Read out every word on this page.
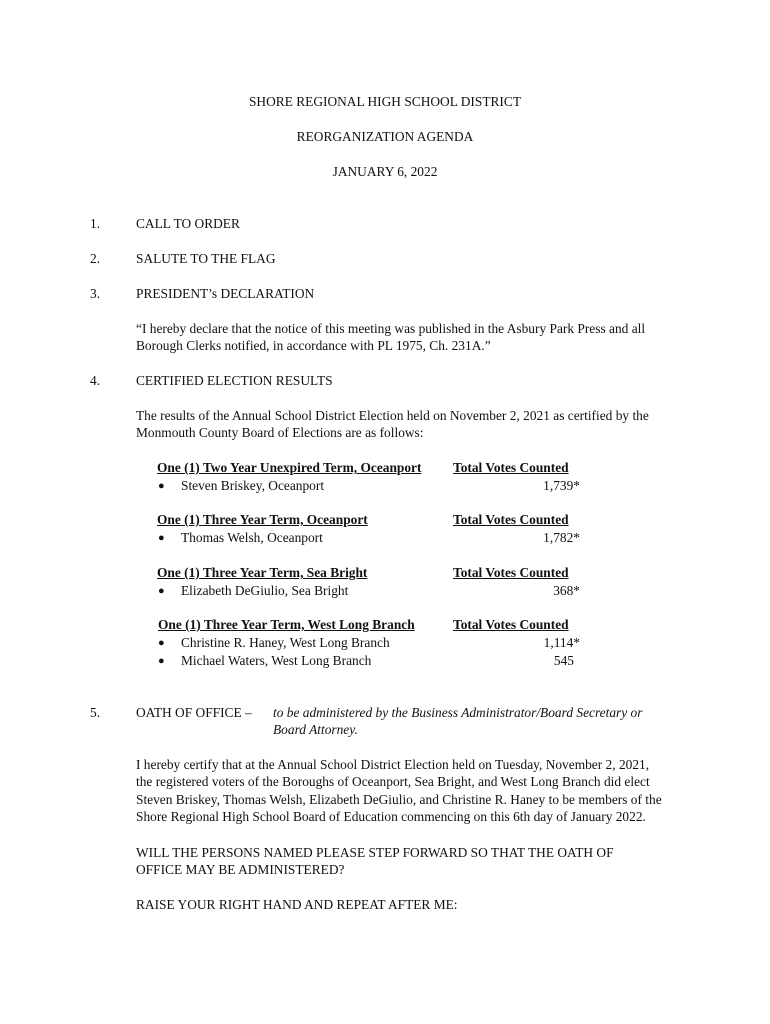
SHORE REGIONAL HIGH SCHOOL DISTRICT
REORGANIZATION AGENDA
JANUARY 6, 2022
1.	CALL TO ORDER
2.	SALUTE TO THE FLAG
3.	PRESIDENT’s DECLARATION
“I hereby declare that the notice of this meeting was published in the Asbury Park Press and all
Borough Clerks notified, in accordance with PL 1975, Ch. 231A.”
4.	CERTIFIED ELECTION RESULTS
The results of the Annual School District Election held on November 2, 2021 as certified by the
Monmouth County Board of Elections are as follows:
One (1) Two Year Unexpired Term, Oceanport	Total Votes Counted
● Steven Briskey, Oceanport	1,739*
One (1) Three Year Term, Oceanport	Total Votes Counted
● Thomas Welsh, Oceanport	1,782*
One (1) Three Year Term, Sea Bright	Total Votes Counted
● Elizabeth DeGiulio, Sea Bright	368*
One (1) Three Year Term, West Long Branch	Total Votes Counted
● Christine R. Haney, West Long Branch	1,114*
● Michael Waters, West Long Branch	545
5.	OATH OF OFFICE – to be administered by the Business Administrator/Board Secretary or
Board Attorney.
I hereby certify that at the Annual School District Election held on Tuesday, November 2, 2021,
the registered voters of the Boroughs of Oceanport, Sea Bright, and West Long Branch did elect
Steven Briskey, Thomas Welsh, Elizabeth DeGiulio, and Christine R. Haney to be members of the
Shore Regional High School Board of Education commencing on this 6th day of January 2022.
WILL THE PERSONS NAMED PLEASE STEP FORWARD SO THAT THE OATH OF
OFFICE MAY BE ADMINISTERED?
RAISE YOUR RIGHT HAND AND REPEAT AFTER ME:
